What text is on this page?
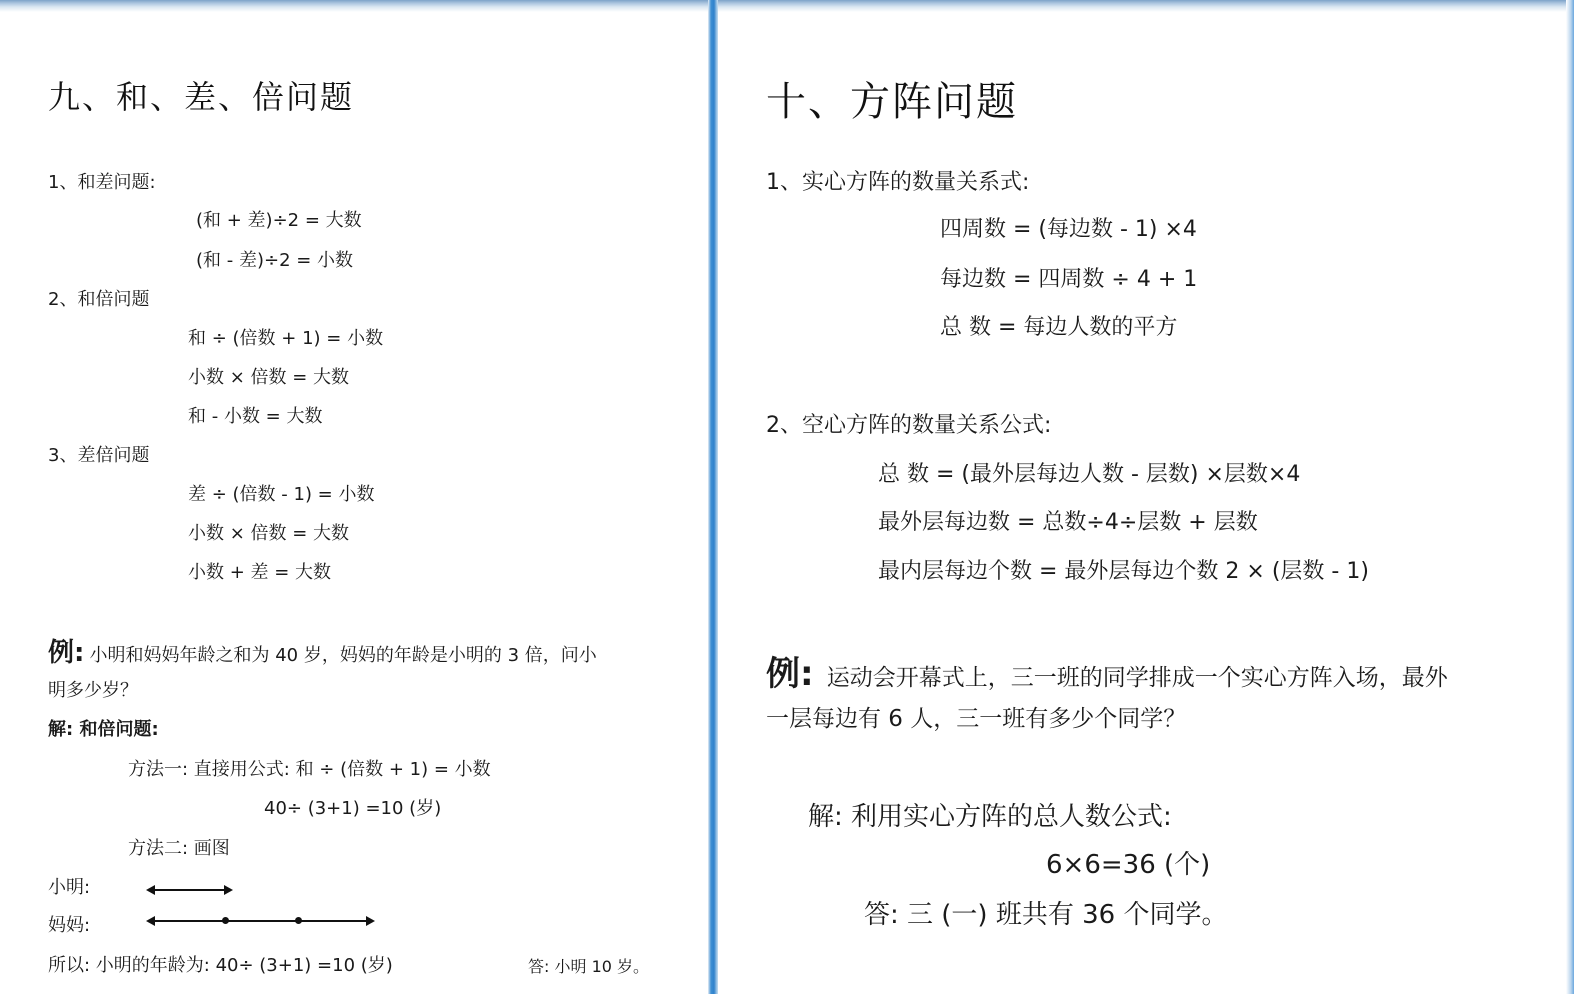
九、和、差、倍问题
1、和差问题:
(和 + 差)÷2 = 大数
(和 - 差)÷2 = 小数
2、和倍问题
和 ÷ (倍数 + 1) = 小数
小数 × 倍数 = 大数
和 - 小数 = 大数
3、差倍问题
差 ÷ (倍数 - 1) = 小数
小数 × 倍数 = 大数
小数 + 差 = 大数
例: 小明和妈妈年龄之和为 40 岁，妈妈的年龄是小明的 3 倍，问小
明多少岁？
解: 和倍问题:
方法一: 直接用公式: 和 ÷ (倍数 + 1) = 小数
40÷ (3+1) =10 (岁)
方法二: 画图
小明:
妈妈:
所以: 小明的年龄为: 40÷ (3+1) =10 (岁)	答: 小明 10 岁。
十、方阵问题
1、实心方阵的数量关系式:
四周数 = (每边数 - 1) ×4
每边数 = 四周数 ÷ 4 + 1
总 数 = 每边人数的平方
2、空心方阵的数量关系公式:
总 数 = (最外层每边人数 - 层数) ×层数×4
最外层每边数 = 总数÷4÷层数 + 层数
最内层每边个数 = 最外层每边个数 2 × (层数 - 1)
例: 运动会开幕式上，三一班的同学排成一个实心方阵入场，最外
一层每边有 6 人，三一班有多少个同学？
解: 利用实心方阵的总人数公式:
6×6=36 (个)
答: 三 (一) 班共有 36 个同学。
